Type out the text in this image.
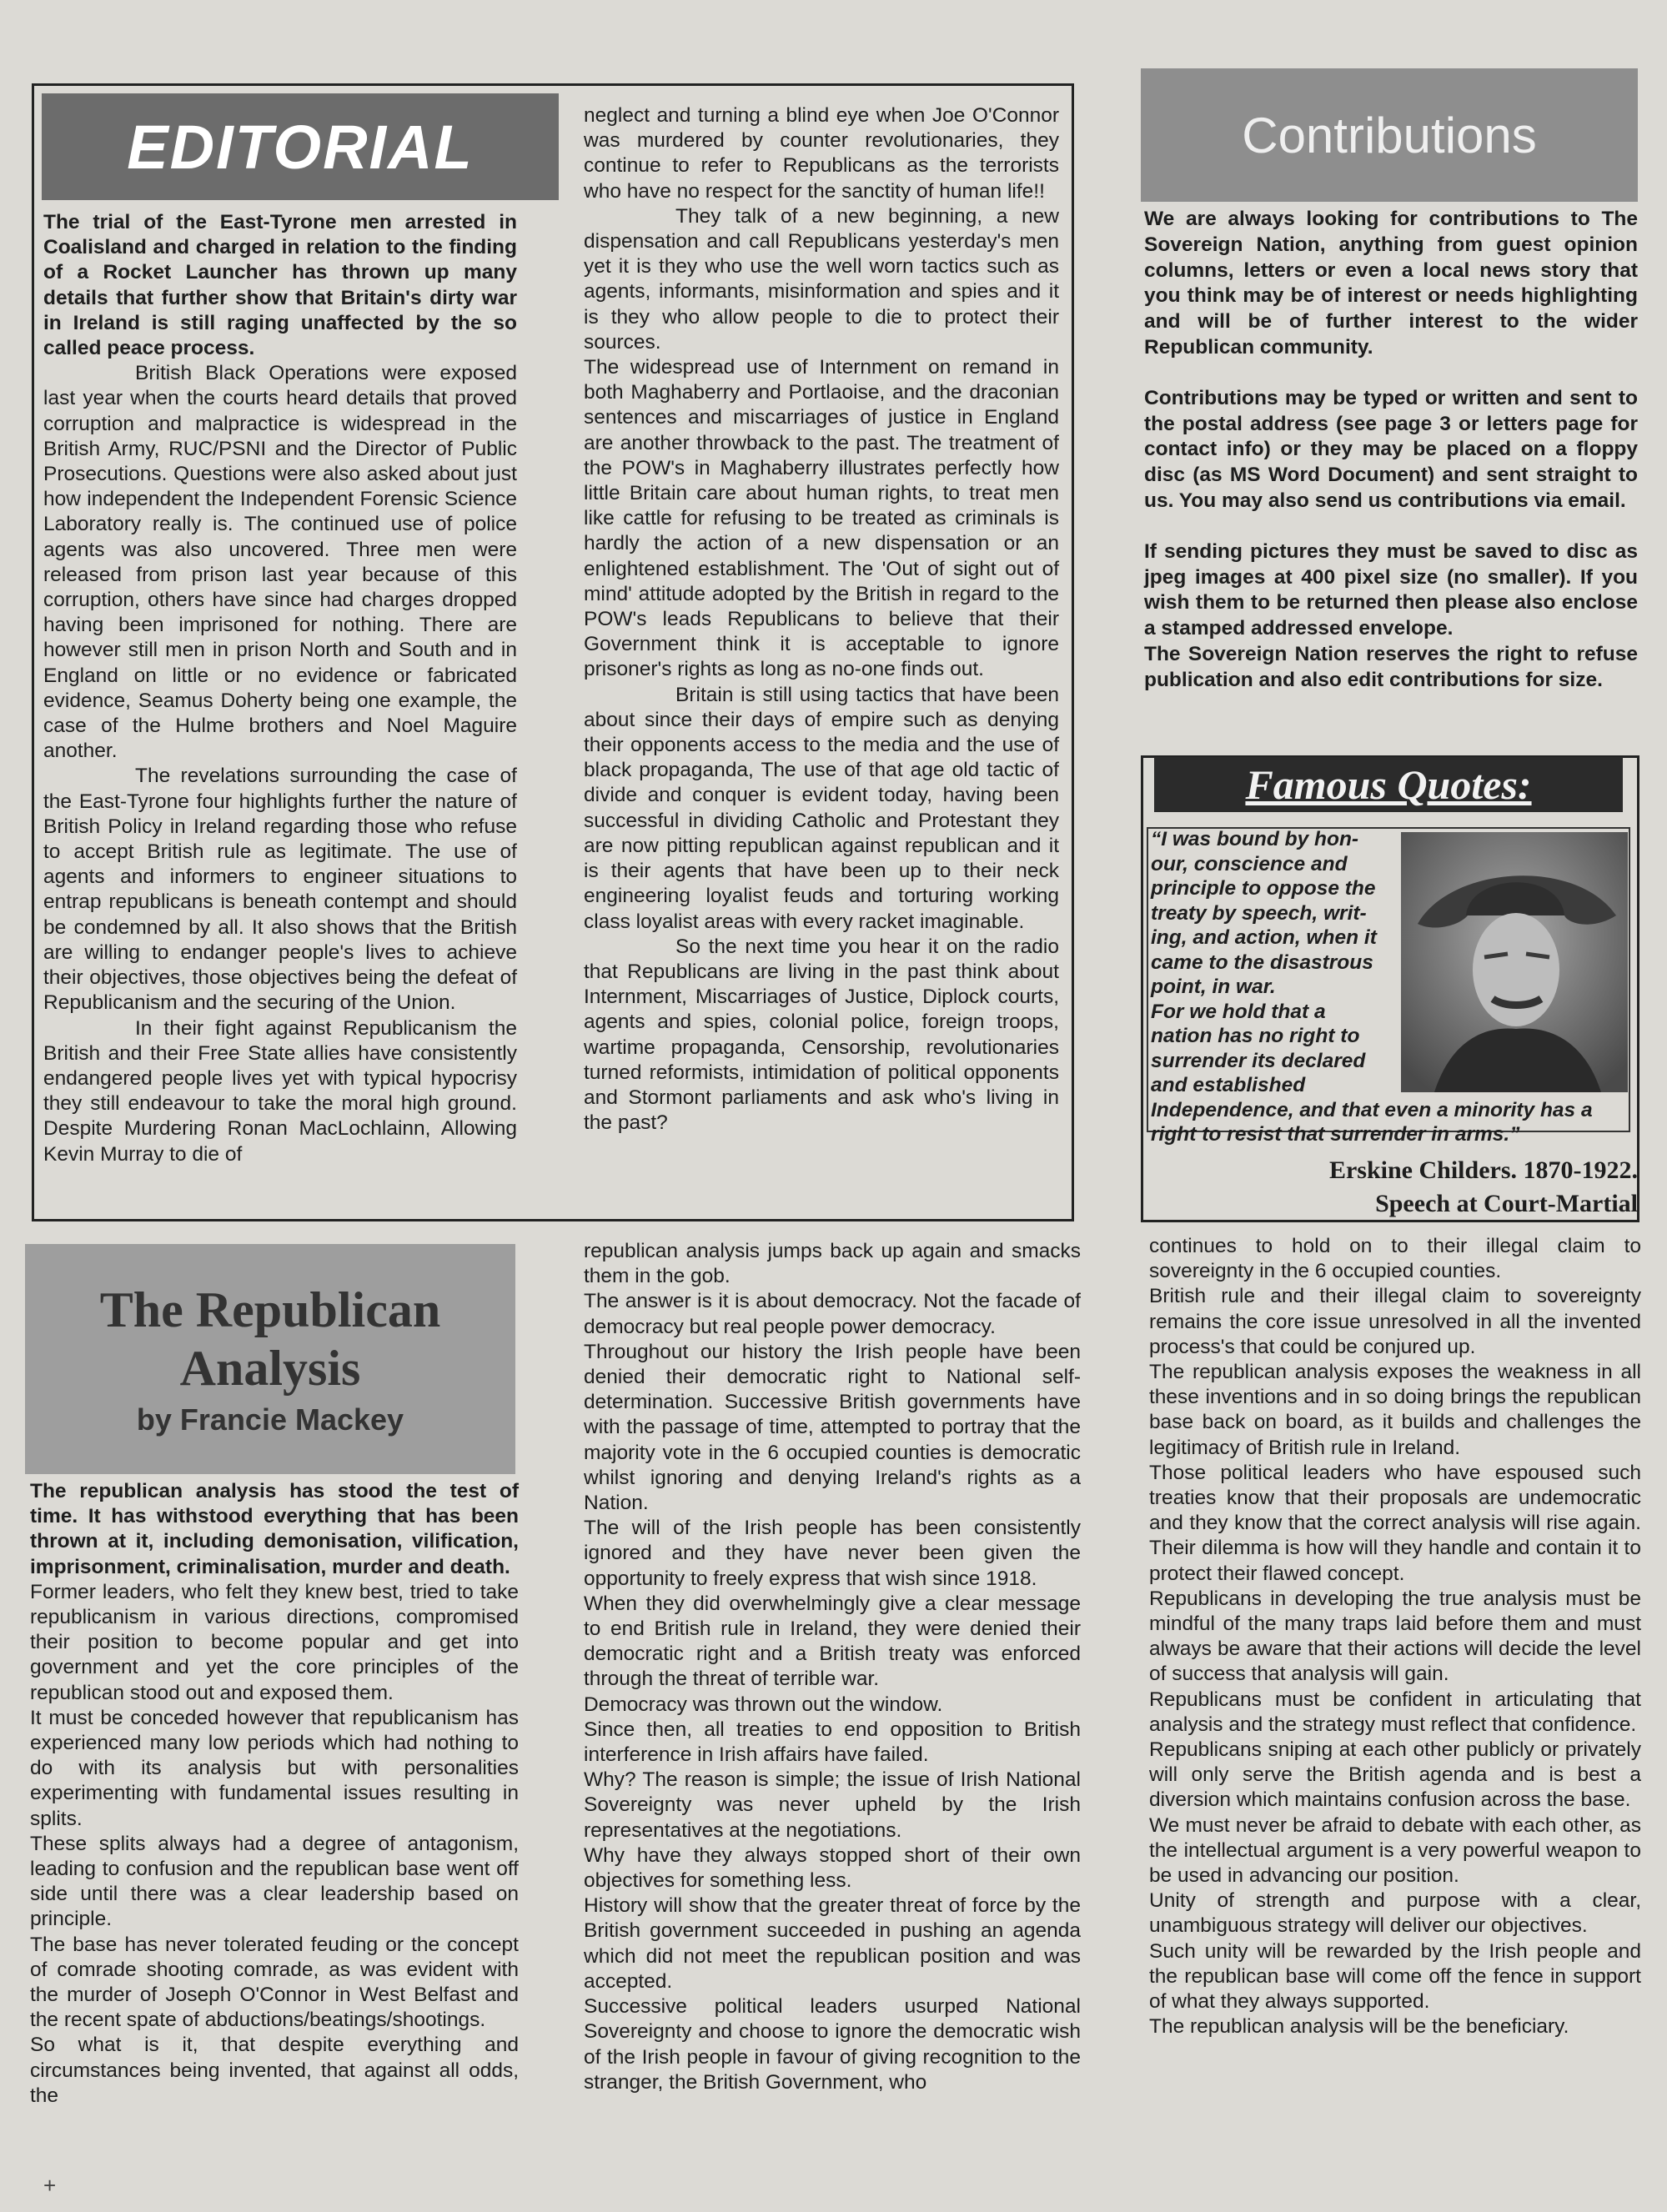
EDITORIAL

The trial of the East-Tyrone men arrested in Coalisland and charged in relation to the finding of a Rocket Launcher has thrown up many details that further show that Britain's dirty war in Ireland is still raging unaffected by the so called peace process.

British Black Operations were exposed last year when the courts heard details that proved corruption and malpractice is widespread in the British Army, RUC/PSNI and the Director of Public Prosecutions. Questions were also asked about just how independent the Independent Forensic Science Laboratory really is. The continued use of police agents was also uncovered. Three men were released from prison last year because of this corruption, others have since had charges dropped having been imprisoned for nothing. There are however still men in prison North and South and in England on little or no evidence or fabricated evidence, Seamus Doherty being one example, the case of the Hulme brothers and Noel Maguire another.

The revelations surrounding the case of the East-Tyrone four highlights further the nature of British Policy in Ireland regarding those who refuse to accept British rule as legitimate. The use of agents and informers to engineer situations to entrap republicans is beneath contempt and should be condemned by all. It also shows that the British are willing to endanger people's lives to achieve their objectives, those objectives being the defeat of Republicanism and the securing of the Union.

In their fight against Republicanism the British and their Free State allies have consistently endangered people lives yet with typical hypocrisy they still endeavour to take the moral high ground. Despite Murdering Ronan MacLochlainn, Allowing Kevin Murray to die of

neglect and turning a blind eye when Joe O'Connor was murdered by counter revolutionaries, they continue to refer to Republicans as the terrorists who have no respect for the sanctity of human life!!

They talk of a new beginning, a new dispensation and call Republicans yesterday's men yet it is they who use the well worn tactics such as agents, informants, misinformation and spies and it is they who allow people to die to protect their sources.

The widespread use of Internment on remand in both Maghaberry and Portlaoise, and the draconian sentences and miscarriages of justice in England are another throwback to the past. The treatment of the POW's in Maghaberry illustrates perfectly how little Britain care about human rights, to treat men like cattle for refusing to be treated as criminals is hardly the action of a new dispensation or an enlightened establishment. The 'Out of sight out of mind' attitude adopted by the British in regard to the POW's leads Republicans to believe that their Government think it is acceptable to ignore prisoner's rights as long as no-one finds out.

Britain is still using tactics that have been about since their days of empire such as denying their opponents access to the media and the use of black propaganda, The use of that age old tactic of divide and conquer is evident today, having been successful in dividing Catholic and Protestant they are now pitting republican against republican and it is their agents that have been up to their neck engineering loyalist feuds and torturing working class loyalist areas with every racket imaginable.

So the next time you hear it on the radio that Republicans are living in the past think about Internment, Miscarriages of Justice, Diplock courts, agents and spies, colonial police, foreign troops, wartime propaganda, Censorship, revolutionaries turned reformists, intimidation of political opponents and Stormont parliaments and ask who's living in the past?

Contributions

We are always looking for contributions to The Sovereign Nation, anything from guest opinion columns, letters or even a local news story that you think may be of interest or needs highlighting and will be of further interest to the wider Republican community.

Contributions may be typed or written and sent to the postal address (see page 3 or letters page for contact info) or they may be placed on a floppy disc (as MS Word Document) and sent straight to us. You may also send us contributions via email.

If sending pictures they must be saved to disc as jpeg images at 400 pixel size (no smaller). If you wish them to be returned then please also enclose a stamped addressed envelope.

The Sovereign Nation reserves the right to refuse publication and also edit contributions for size.

Famous Quotes:
“I was bound by hon-
our, conscience and
principle to oppose the
treaty by speech, writ-
ing, and action, when it
came to the disastrous
point, in war.
For we hold that a
nation has no right to
surrender its declared
and established
Independence, and that even a minority has a
right to resist that surrender in arms.”
Erskine Childers. 1870-1922.
Speech at Court-Martial
The Republican
Analysis
by Francie Mackey

The republican analysis has stood the test of time. It has withstood everything that has been thrown at it, including demonisation, vilification, imprisonment, criminalisation, murder and death.

Former leaders, who felt they knew best, tried to take republicanism in various directions, compromised their position to become popular and get into government and yet the core principles of the republican stood out and exposed them.

It must be conceded however that republicanism has experienced many low periods which had nothing to do with its analysis but with personalities experimenting with fundamental issues resulting in splits.

These splits always had a degree of antagonism, leading to confusion and the republican base went off side until there was a clear leadership based on principle.

The base has never tolerated feuding or the concept of comrade shooting comrade, as was evident with the murder of Joseph O'Connor in West Belfast and the recent spate of abductions/beatings/shootings.

So what is it, that despite everything and circumstances being invented, that against all odds, the

republican analysis jumps back up again and smacks them in the gob.

The answer is it is about democracy. Not the facade of democracy but real people power democracy.

Throughout our history the Irish people have been denied their democratic right to National self-determination. Successive British governments have with the passage of time, attempted to portray that the majority vote in the 6 occupied counties is democratic whilst ignoring and denying Ireland's rights as a Nation.

The will of the Irish people has been consistently ignored and they have never been given the opportunity to freely express that wish since 1918.

When they did overwhelmingly give a clear message to end British rule in Ireland, they were denied their democratic right and a British treaty was enforced through the threat of terrible war.

Democracy was thrown out the window.

Since then, all treaties to end opposition to British interference in Irish affairs have failed.

Why? The reason is simple; the issue of Irish National Sovereignty was never upheld by the Irish representatives at the negotiations.

Why have they always stopped short of their own objectives for something less.

History will show that the greater threat of force by the British government succeeded in pushing an agenda which did not meet the republican position and was accepted.

Successive political leaders usurped National Sovereignty and choose to ignore the democratic wish of the Irish people in favour of giving recognition to the stranger, the British Government, who

continues to hold on to their illegal claim to sovereignty in the 6 occupied counties.

British rule and their illegal claim to sovereignty remains the core issue unresolved in all the invented process's that could be conjured up.

The republican analysis exposes the weakness in all these inventions and in so doing brings the republican base back on board, as it builds and challenges the legitimacy of British rule in Ireland.

Those political leaders who have espoused such treaties know that their proposals are undemocratic and they know that the correct analysis will rise again. Their dilemma is how will they handle and contain it to protect their flawed concept.

Republicans in developing the true analysis must be mindful of the many traps laid before them and must always be aware that their actions will decide the level of success that analysis will gain.

Republicans must be confident in articulating that analysis and the strategy must reflect that confidence.

Republicans sniping at each other publicly or privately will only serve the British agenda and is best a diversion which maintains confusion across the base.

We must never be afraid to debate with each other, as the intellectual argument is a very powerful weapon to be used in advancing our position.

Unity of strength and purpose with a clear, unambiguous strategy will deliver our objectives.

Such unity will be rewarded by the Irish people and the republican base will come off the fence in support of what they always supported.

The republican analysis will be the beneficiary.

+
